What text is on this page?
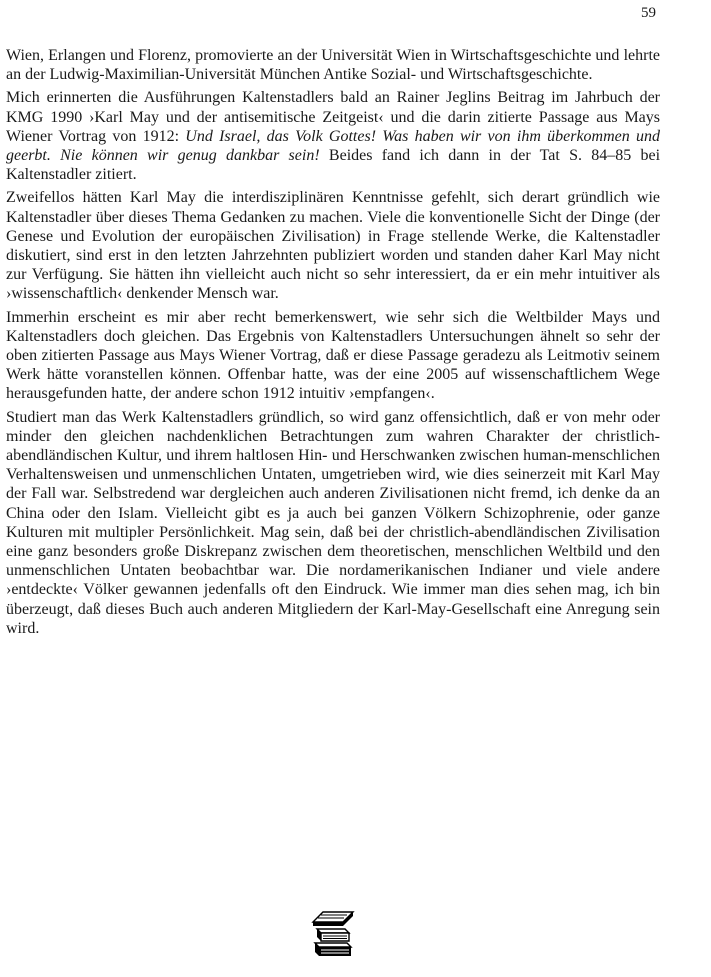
59

Wien, Erlangen und Florenz, promovierte an der Universität Wien in Wirtschaftsgeschichte und lehrte an der Ludwig-Maximilian-Universität München Antike Sozial- und Wirtschaftsgeschichte.

Mich erinnerten die Ausführungen Kaltenstadlers bald an Rainer Jeglins Beitrag im Jahrbuch der KMG 1990 ›Karl May und der antisemitische Zeitgeist‹ und die darin zitierte Passage aus Mays Wiener Vortrag von 1912: Und Israel, das Volk Gottes! Was haben wir von ihm überkommen und geerbt. Nie können wir genug dankbar sein! Beides fand ich dann in der Tat S. 84–85 bei Kaltenstadler zitiert.

Zweifellos hätten Karl May die interdisziplinären Kenntnisse gefehlt, sich derart gründlich wie Kaltenstadler über dieses Thema Gedanken zu machen. Viele die konventionelle Sicht der Dinge (der Genese und Evolution der europäischen Zivilisation) in Frage stellende Werke, die Kaltenstadler diskutiert, sind erst in den letzten Jahrzehnten publiziert worden und standen daher Karl May nicht zur Verfügung. Sie hätten ihn vielleicht auch nicht so sehr interessiert, da er ein mehr intuitiver als ›wissenschaftlich‹ denkender Mensch war.

Immerhin erscheint es mir aber recht bemerkenswert, wie sehr sich die Weltbilder Mays und Kaltenstadlers doch gleichen. Das Ergebnis von Kaltenstadlers Untersuchungen ähnelt so sehr der oben zitierten Passage aus Mays Wiener Vortrag, daß er diese Passage geradezu als Leitmotiv seinem Werk hätte voranstellen können. Offenbar hatte, was der eine 2005 auf wissenschaftlichem Wege herausgefunden hatte, der andere schon 1912 intuitiv ›empfangen‹.

Studiert man das Werk Kaltenstadlers gründlich, so wird ganz offensichtlich, daß er von mehr oder minder den gleichen nachdenklichen Betrachtungen zum wahren Charakter der christlich-abendländischen Kultur, und ihrem haltlosen Hin- und Herschwanken zwischen human-menschlichen Verhaltensweisen und unmenschlichen Untaten, umgetrieben wird, wie dies seinerzeit mit Karl May der Fall war. Selbstredend war dergleichen auch anderen Zivilisationen nicht fremd, ich denke da an China oder den Islam. Vielleicht gibt es ja auch bei ganzen Völkern Schizophrenie, oder ganze Kulturen mit multipler Persönlichkeit. Mag sein, daß bei der christlich-abendländischen Zivilisation eine ganz besonders große Diskrepanz zwischen dem theoretischen, menschlichen Weltbild und den unmenschlichen Untaten beobachtbar war. Die nordamerikanischen Indianer und viele andere ›entdeckte‹ Völker gewannen jedenfalls oft den Eindruck. Wie immer man dies sehen mag, ich bin überzeugt, daß dieses Buch auch anderen Mitgliedern der Karl-May-Gesellschaft eine Anregung sein wird.
